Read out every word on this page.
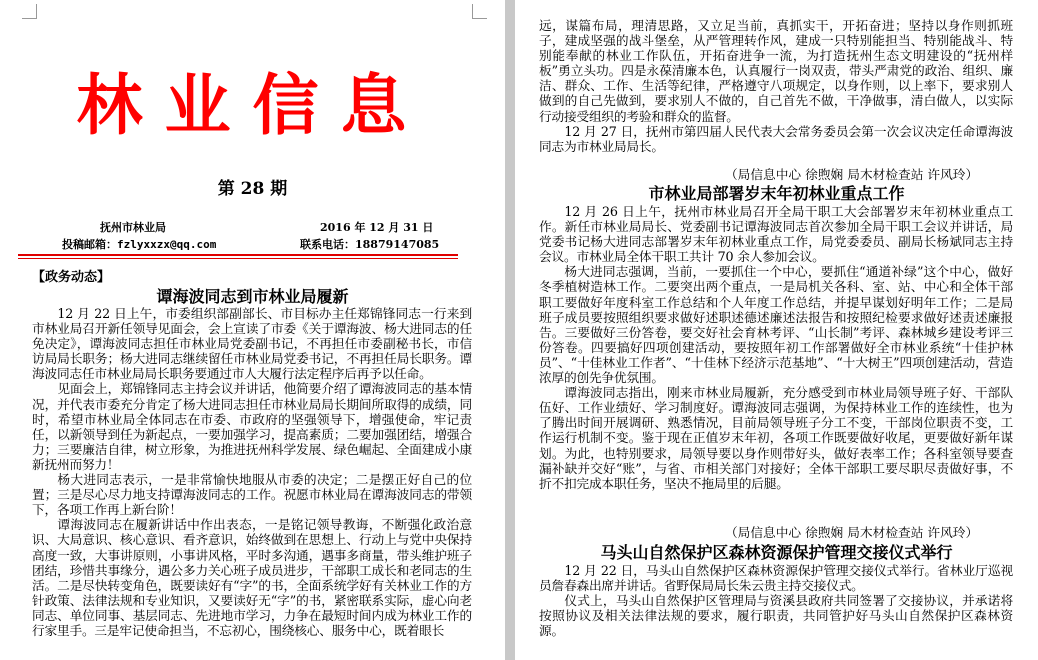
林业信息
第 28 期
抚州市林业局	2016 年 12 月 31 日
投稿邮箱：fzlyxxzx@qq.com	联系电话：18879147085
【政务动态】
谭海波同志到市林业局履新

12 月 22 日上午，市委组织部副部长、市目标办主任郑锦锋同志一行来到市林业局召开新任领导见面会，会上宣读了市委《关于谭海波、杨大进同志的任免决定》，谭海波同志担任市林业局党委副书记，不再担任市委副秘书长，市信访局局长职务；杨大进同志继续留任市林业局党委书记，不再担任局长职务。谭海波同志任市林业局局长职务要通过市人大履行法定程序后再予以任命。

见面会上，郑锦锋同志主持会议并讲话，他简要介绍了谭海波同志的基本情况，并代表市委充分肯定了杨大进同志担任市林业局局长期间所取得的成绩，同时，希望市林业局全体同志在市委、市政府的坚强领导下，增强使命，牢记责任，以新领导到任为新起点，一要加强学习，提高素质；二要加强团结，增强合力；三要廉洁自律，树立形象，为推进抚州科学发展、绿色崛起、全面建成小康新抚州而努力！

杨大进同志表示，一是非常愉快地服从市委的决定；二是摆正好自己的位置；三是尽心尽力地支持谭海波同志的工作。祝愿市林业局在谭海波同志的带领下，各项工作再上新台阶！

谭海波同志在履新讲话中作出表态，一是铭记领导教诲，不断强化政治意识、大局意识、核心意识、看齐意识，始终做到在思想上、行动上与党中央保持高度一致，大事讲原则，小事讲风格，平时多沟通，遇事多商量，带头维护班子团结，珍惜共事缘分，遇公多力关心班子成员进步，干部职工成长和老同志的生活。二是尽快转变角色，既要读好有“字”的书，全面系统学好有关林业工作的方针政策、法律法规和专业知识，又要读好无“字”的书，紧密联系实际，虚心向老同志、单位同事、基层同志、先进地市学习，力争在最短时间内成为林业工作的行家里手。三是牢记使命担当，不忘初心，围绕核心、服务中心，既着眼长

远，谋篇布局，理清思路，又立足当前，真抓实干，开拓奋进；坚持以身作则抓班子，建成坚强的战斗堡垒，从严管理转作风，建成一只特别能担当、特别能战斗、特别能奉献的林业工作队伍，开拓奋进争一流，为打造抚州生态文明建设的“抚州样板”勇立头功。四是永葆清廉本色，认真履行一岗双责，带头严肃党的政治、组织、廉洁、群众、工作、生活等纪律，严格遵守八项规定，以身作则，以上率下，要求别人做到的自己先做到，要求别人不做的，自己首先不做，干净做事，清白做人，以实际行动接受组织的考验和群众的监督。

12 月 27 日，抚州市第四届人民代表大会常务委员会第一次会议决定任命谭海波同志为市林业局局长。

（局信息中心 徐煦娴 局木材检查站 许风玲）
市林业局部署岁末年初林业重点工作

12 月 26 日上午，抚州市林业局召开全局干职工大会部署岁末年初林业重点工作。新任市林业局局长、党委副书记谭海波同志首次参加全局干职工会议并讲话，局党委书记杨大进同志部署岁末年初林业重点工作，局党委委员、副局长杨斌同志主持会议。市林业局全体干职工共计 70 余人参加会议。

杨大进同志强调，当前，一要抓住一个中心，要抓住“通道补绿”这个中心，做好冬季植树造林工作。二要突出两个重点，一是局机关各科、室、站、中心和全体干部职工要做好年度科室工作总结和个人年度工作总结，并提早谋划好明年工作；二是局班子成员要按照组织要求做好述职述德述廉述法报告和按照纪检要求做好述责述廉报告。三要做好三份答卷，要交好社会育林考评、“山长制”考评、森林城乡建设考评三份答卷。四要搞好四项创建活动，要按照年初工作部署做好全市林业系统“十佳护林员”、“十佳林业工作者”、“十佳林下经济示范基地”、“十大树王”四项创建活动，营造浓厚的创先争优氛围。

谭海波同志指出，刚来市林业局履新，充分感受到市林业局领导班子好、干部队伍好、工作业绩好、学习制度好。谭海波同志强调，为保持林业工作的连续性，也为了腾出时间开展调研、熟悉情况，目前局领导班子分工不变，干部岗位职责不变，工作运行机制不变。鉴于现在正值岁末年初，各项工作既要做好收尾，更要做好新年谋划。为此，也特别要求，局领导要以身作则带好头，做好表率工作；各科室领导要查漏补缺并交好“账”，与省、市相关部门对接好；全体干部职工要尽职尽责做好事，不折不扣完成本职任务，坚决不拖局里的后腿。

（局信息中心 徐煦娴 局木材检查站 许风玲）
马头山自然保护区森林资源保护管理交接仪式举行

12 月 22 日，马头山自然保护区森林资源保护管理交接仪式举行。省林业厅巡视员詹春森出席并讲话。省野保局局长朱云贵主持交接仪式。

仪式上，马头山自然保护区管理局与资溪县政府共同签署了交接协议，并承诺将按照协议及相关法律法规的要求，履行职责，共同管护好马头山自然保护区森林资源。
